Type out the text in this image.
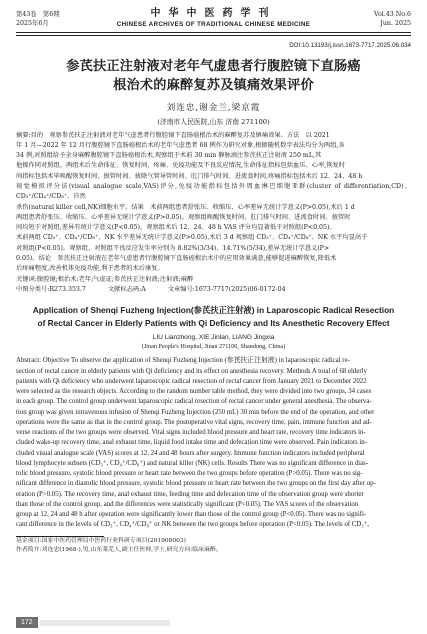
第43卷　第6期
2025年6月
中华中医药学刊
CHINESE ARCHIVES OF TRADITIONAL CHINESE MEDICINE
Vol.43 No.6
Jun. 2025
DOI:10.13193/j.issn.1673-7717.2025.06.034
参芪扶正注射液对老年气虚患者行腹腔镜下直肠癌
根治术的麻醉复苏及镇痛效果评价
刘连忠,谢金兰,梁京霞
(济南市人民医院,山东 济南 271100)
摘要:目的　观察参芪扶正注射液对老年气虚患者行腹腔镜下直肠癌根治术的麻醉复苏及镇痛效果。方法　以 2021
年 1 月—2022 年 12 月行腹腔镜下直肠癌根治术的老年气虚患者 68 例作为研究对象,根据随机数字表法均分为两组,各
34 例,对照组给予全身麻醉腹腔镜下直肠癌根治术,观察组于术前 30 min 静脉滴注参芪扶正注射液 250 mL,其
他操作同对照组。两组术后生命体征、恢复时间、疼痛、免疫功能及不良反应情况,生命体征指标包括血压、心率,恢复时
间指标包括术毕唤醒恢复时间、拔管时间、拔除气管导管时间、肛门排气时间、进流食时间,疼痛指标包括术后 12、24、48 h
视觉模拟评分法(visual analogue scale,VAS)评分,免疫功能指标包括外周血淋巴细胞亚群(cluster of differentiation,CD)、CD₃⁺/CD₄⁺/CD₈⁺、自然
杀伤(natural killer cell,NK)细胞水平。结果　术前两组患者舒张压、收缩压、心率差异无统计学意义(P>0.05),术后 1 d
两组患者舒张压、收缩压、心率差异无统计学意义(P>0.05)。观察组唤醒恢复时间、肛门排气时间、进流食时间、拔管时
间均短于对照组,差异有统计学意义(P<0.05)。观察组术后 12、24、48 h VAS 评分均显著低于对照组(P<0.05)。
术前两组 CD₃⁺、CD₄⁺/CD₈⁺、NK 水平差异无统计学意义(P>0.05),术后 3 d 观察组 CD₃⁺、CD₄⁺/CD₈⁺、NK 水平均显高于
对照组(P<0.05)。观察组、对照组不良反应发生率分别为 8.82%(3/34)、14.71%(5/34),差异无统计学意义(P>
0.05)。结论　参芪扶正注射液在老年气虚患者行腹腔镜下直肠癌根治术中的应用效果满意,能够促进麻醉恢复,降低术
后疼痛程度,改善机体免疫功能,利于患者的术后康复。
关键词:腹腔镜;根治术;老年;气虚证;参芪扶正注射液;注射液;麻醉
中图分类号:R273.353.7	文献标志码:A	文章编号:1673-7717(2025)06-0172-04
Application of Shenqi Fuzheng Injection(参芪扶正注射液) in Laparoscopic Radical Resection
of Rectal Cancer in Elderly Patients with Qi Deficiency and Its Anesthetic Recovery Effect
LIU Lianzhong, XIE Jinlan, LIANG Jingxia
(Jinan People's Hospital, Jinan 271100, Shandong, China)
Abstract: Objective To observe the application of Shenqi Fuzheng Injection (参芪扶正注射液) in laparoscopic radical re-
section of rectal cancer in elderly patients with Qi deficiency and its effect on anesthesia recovery. Methods A total of 68 elderly
patients with Qi deficiency who underwent laparoscopic radical resection of rectal cancer from January 2021 to December 2022
were selected as the research objects. According to the random number table method, they were divided into two groups, 34 cases
in each group. The control group underwent laparoscopic radical resection of rectal cancer under general anesthesia. The observa-
tion group was given intravenous infusion of Shenqi Fuzheng Injection (250 mL) 30 min before the end of the operation, and other
operations were the same as that in the control group. The postoperative vital signs, recovery time, pain, immune function and ad-
verse reactions of the two groups were observed. Vital signs included blood pressure and heart rate, recovery time indicators in-
cluded wake-up recovery time, anal exhaust time, liquid food intake time and defecation time were observed. Pain indicators in-
cluded visual analogue scale (VAS) scores at 12, 24 and 48 hours after surgery. Immune function indicators included peripheral
blood lymphocyte subsets (CD₃⁺, CD₄⁺/CD₈⁺) and natural killer (NK) cells. Results There was no significant difference in dias-
tolic blood pressure, systolic blood pressure or heart rate between the two groups before operation (P>0.05). There was no sig-
nificant difference in diastolic blood pressure, systolic blood pressure or heart rate between the two groups on the first day after op-
eration (P>0.05). The recovery time, anal exhaust time, feeding time and defecation time of the observation group were shorter
than those of the control group, and the differences were statistically significant (P<0.05). The VAS scores of the observation
group at 12, 24 and 48 h after operation were significantly lower than those of the control group (P<0.05). There was no signifi-
cant difference in the levels of CD₃⁺, CD₄⁺/CD₈⁺ or NK between the two groups before operation (P<0.05). The levels of CD₃⁺,
基金项目:国家中医药管理局中医药行业科研专项目(201908003)
作者简介:刘连忠(1968-),男,山东莱芜人,副主任医师,学士,研究方向:临床麻醉。
172
